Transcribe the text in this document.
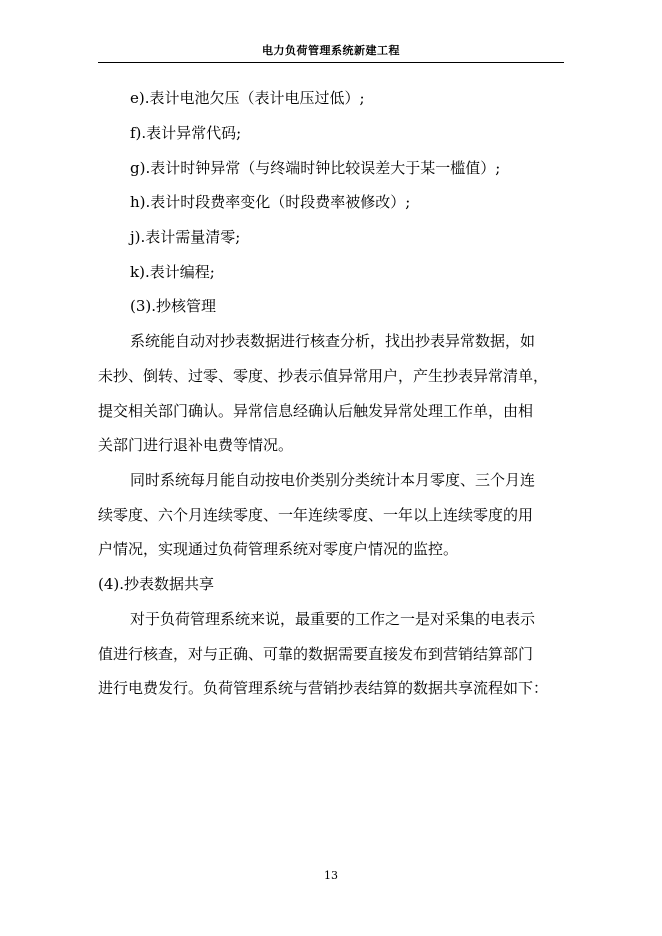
电力负荷管理系统新建工程
e).表计电池欠压（表计电压过低）;
f).表计异常代码;
g).表计时钟异常（与终端时钟比较误差大于某一槛值）;
h).表计时段费率变化（时段费率被修改）;
j).表计需量清零;
k).表计编程;
(3).抄核管理
系统能自动对抄表数据进行核查分析，找出抄表异常数据，如
未抄、倒转、过零、零度、抄表示值异常用户，产生抄表异常清单，
提交相关部门确认。异常信息经确认后触发异常处理工作单，由相
关部门进行退补电费等情况。
同时系统每月能自动按电价类别分类统计本月零度、三个月连
续零度、六个月连续零度、一年连续零度、一年以上连续零度的用
户情况，实现通过负荷管理系统对零度户情况的监控。
(4).抄表数据共享
对于负荷管理系统来说，最重要的工作之一是对采集的电表示
值进行核查，对与正确、可靠的数据需要直接发布到营销结算部门
进行电费发行。负荷管理系统与营销抄表结算的数据共享流程如下：
13
